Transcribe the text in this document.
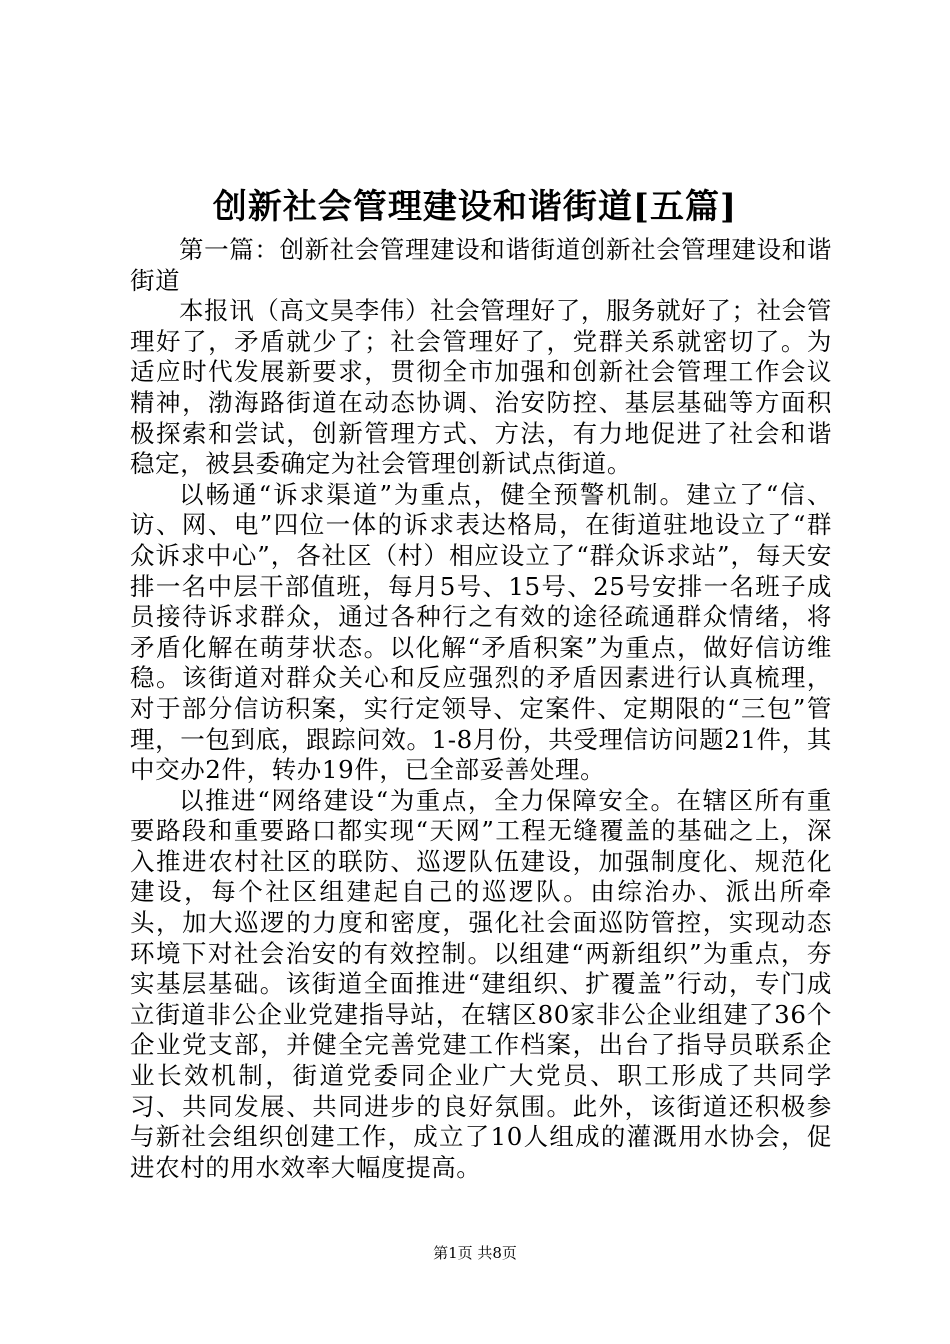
创新社会管理建设和谐街道[五篇]

第一篇：创新社会管理建设和谐街道创新社会管理建设和谐街道

本报讯（高文昊李伟）社会管理好了，服务就好了；社会管理好了，矛盾就少了；社会管理好了，党群关系就密切了。为适应时代发展新要求，贯彻全市加强和创新社会管理工作会议精神，渤海路街道在动态协调、治安防控、基层基础等方面积极探索和尝试，创新管理方式、方法，有力地促进了社会和谐稳定，被县委确定为社会管理创新试点街道。

以畅通“诉求渠道”为重点，健全预警机制。建立了“信、访、网、电”四位一体的诉求表达格局，在街道驻地设立了“群众诉求中心”，各社区（村）相应设立了“群众诉求站”，每天安排一名中层干部值班，每月5号、15号、25号安排一名班子成员接待诉求群众，通过各种行之有效的途径疏通群众情绪，将矛盾化解在萌芽状态。以化解“矛盾积案”为重点，做好信访维稳。该街道对群众关心和反应强烈的矛盾因素进行认真梳理，对于部分信访积案，实行定领导、定案件、定期限的“三包”管理，一包到底，跟踪问效。1-8月份，共受理信访问题21件，其中交办2件，转办19件，已全部妥善处理。

以推进“网络建设“为重点，全力保障安全。在辖区所有重要路段和重要路口都实现“天网”工程无缝覆盖的基础之上，深入推进农村社区的联防、巡逻队伍建设，加强制度化、规范化建设，每个社区组建起自己的巡逻队。由综治办、派出所牵头，加大巡逻的力度和密度，强化社会面巡防管控，实现动态环境下对社会治安的有效控制。以组建“两新组织”为重点，夯实基层基础。该街道全面推进“建组织、扩覆盖”行动，专门成立街道非公企业党建指导站，在辖区80家非公企业组建了36个企业党支部，并健全完善党建工作档案，出台了指导员联系企业长效机制，街道党委同企业广大党员、职工形成了共同学习、共同发展、共同进步的良好氛围。此外，该街道还积极参与新社会组织创建工作，成立了10人组成的灌溉用水协会，促进农村的用水效率大幅度提高。

第1页 共8页
